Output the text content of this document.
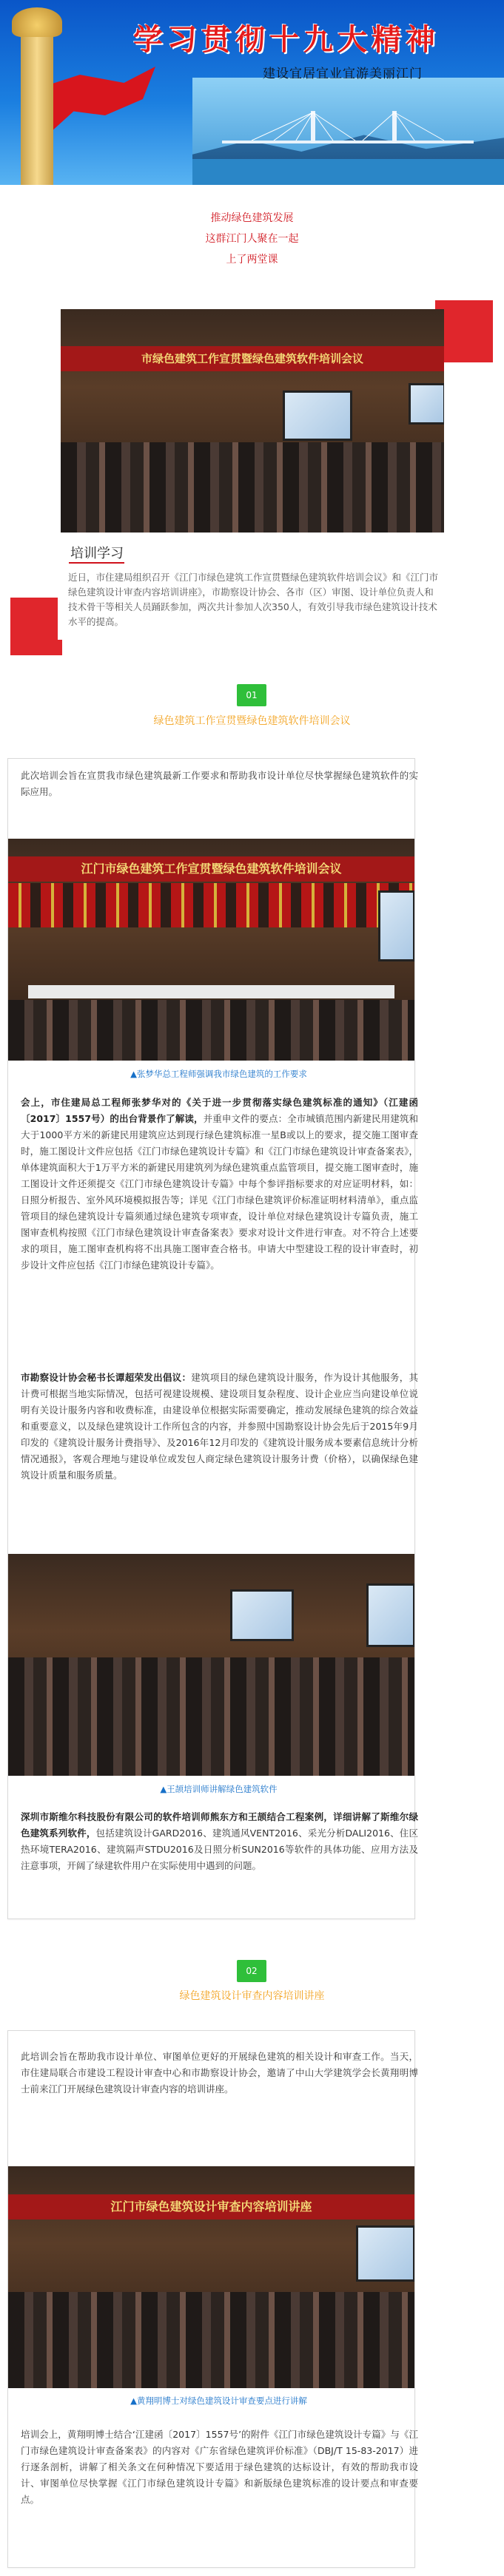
学习贯彻十九大精神
建设宜居宜业宜游美丽江门
推动绿色建筑发展
这群江门人聚在一起
上了两堂课
市绿色建筑工作宣贯暨绿色建筑软件培训会议
培训学习
近日，市住建局组织召开《江门市绿色建筑工作宣贯暨绿色建筑软件培训会议》和《江门市绿色建筑设计审查内容培训讲座》，市勘察设计协会、各市（区）审图、设计单位负责人和技术骨干等相关人员踊跃参加，两次共计参加人次350人，有效引导我市绿色建筑设计技术水平的提高。
01
绿色建筑工作宣贯暨绿色建筑软件培训会议
此次培训会旨在宣贯我市绿色建筑最新工作要求和帮助我市设计单位尽快掌握绿色建筑软件的实际应用。
江门市绿色建筑工作宣贯暨绿色建筑软件培训会议
▲张梦华总工程师强调我市绿色建筑的工作要求
会上，市住建局总工程师张梦华对的《关于进一步贯彻落实绿色建筑标准的通知》（江建函〔2017〕1557号）的出台背景作了解读，并重申文件的要点：全市城镇范围内新建民用建筑和大于1000平方米的新建民用建筑应达到现行绿色建筑标准一星B或以上的要求，提交施工图审查时，施工图设计文件应包括《江门市绿色建筑设计专篇》和《江门市绿色建筑设计审查备案表》，单体建筑面积大于1万平方米的新建民用建筑列为绿色建筑重点监管项目，提交施工图审查时，施工图设计文件还须提交《江门市绿色建筑设计专篇》中每个参评指标要求的对应证明材料，如：日照分析报告、室外风环境模拟报告等；详见《江门市绿色建筑评价标准证明材料清单》，重点监管项目的绿色建筑设计专篇须通过绿色建筑专项审查，设计单位对绿色建筑设计专篇负责，施工图审查机构按照《江门市绿色建筑设计审查备案表》要求对设计文件进行审查。对不符合上述要求的项目，施工图审查机构将不出具施工图审查合格书。申请大中型建设工程的设计审查时，初步设计文件应包括《江门市绿色建筑设计专篇》。
市勘察设计协会秘书长谭超荣发出倡议：建筑项目的绿色建筑设计服务，作为设计其他服务，其计费可根据当地实际情况，包括可视建设规模、建设项目复杂程度、设计企业应当向建设单位说明有关设计服务内容和收费标准，由建设单位根据实际需要确定，推动发展绿色建筑的综合效益和重要意义，以及绿色建筑设计工作所包含的内容，并参照中国勘察设计协会先后于2015年9月印发的《建筑设计服务计费指导》、及2016年12月印发的《建筑设计服务成本要素信息统计分析情况通报》，客观合理地与建设单位或发包人商定绿色建筑设计服务计费（价格），以确保绿色建筑设计质量和服务质量。
▲王颉培训师讲解绿色建筑软件
深圳市斯维尔科技股份有限公司的软件培训师熊东方和王颉结合工程案例，详细讲解了斯维尔绿色建筑系列软件，包括建筑设计GARD2016、建筑通风VENT2016、采光分析DALI2016、住区热环境TERA2016、建筑隔声STDU2016及日照分析SUN2016等软件的具体功能、应用方法及注意事项，开阔了绿建软件用户在实际使用中遇到的问题。
02
绿色建筑设计审查内容培训讲座
此培训会旨在帮助我市设计单位、审图单位更好的开展绿色建筑的相关设计和审查工作。当天，市住建局联合市建设工程设计审查中心和市勘察设计协会，邀请了中山大学建筑学会长黄翔明博士前来江门开展绿色建筑设计审查内容的培训讲座。
江门市绿色建筑设计审查内容培训讲座
▲黄翔明博士对绿色建筑设计审查要点进行讲解
培训会上，黄翔明博士结合‘江建函〔2017〕1557号’的附件《江门市绿色建筑设计专篇》与《江门市绿色建筑设计审查备案表》的内容对《广东省绿色建筑评价标准》（DBJ/T 15-83-2017）进行逐条剖析，讲解了相关条文在何种情况下要适用于绿色建筑的达标设计，有效的帮助我市设计、审图单位尽快掌握《江门市绿色建筑设计专篇》和新版绿色建筑标准的设计要点和审查要点。
